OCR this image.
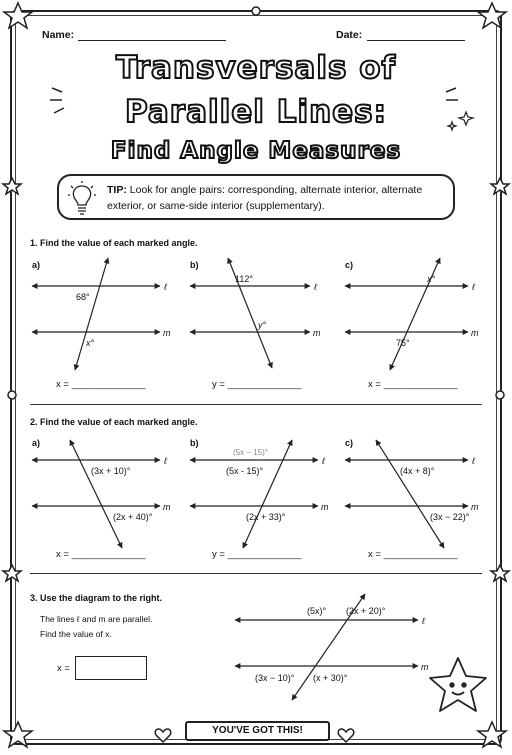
Name:	Date:
Transversals of
Parallel Lines:
Find Angle Measures
TIP: Look for angle pairs: corresponding, alternate interior, alternate exterior, or same-side interior (supplementary).
1. Find the value of each marked angle.
a)	b)	c)
ℓ
m
68°
x°
ℓ
m
112°
y°
ℓ
m
x°
75°
x = ______________	y = ______________	x = ______________
2. Find the value of each marked angle.
a)	b)	c)
ℓ
m
(3x + 10)°
(2x + 40)°
ℓ
m
(5x − 15)°
(5x - 15)°
(2x + 33)°
ℓ
m
(4x + 8)°
(3x − 22)°
x = ______________	y = ______________	x = ______________
3. Use the diagram to the right.
The lines ℓ and m are parallel.
Find the value of x.
x =
ℓ
m
(5x)° (2x + 20)°
(3x − 10)° (x + 30)°
YOU'VE GOT THIS!
